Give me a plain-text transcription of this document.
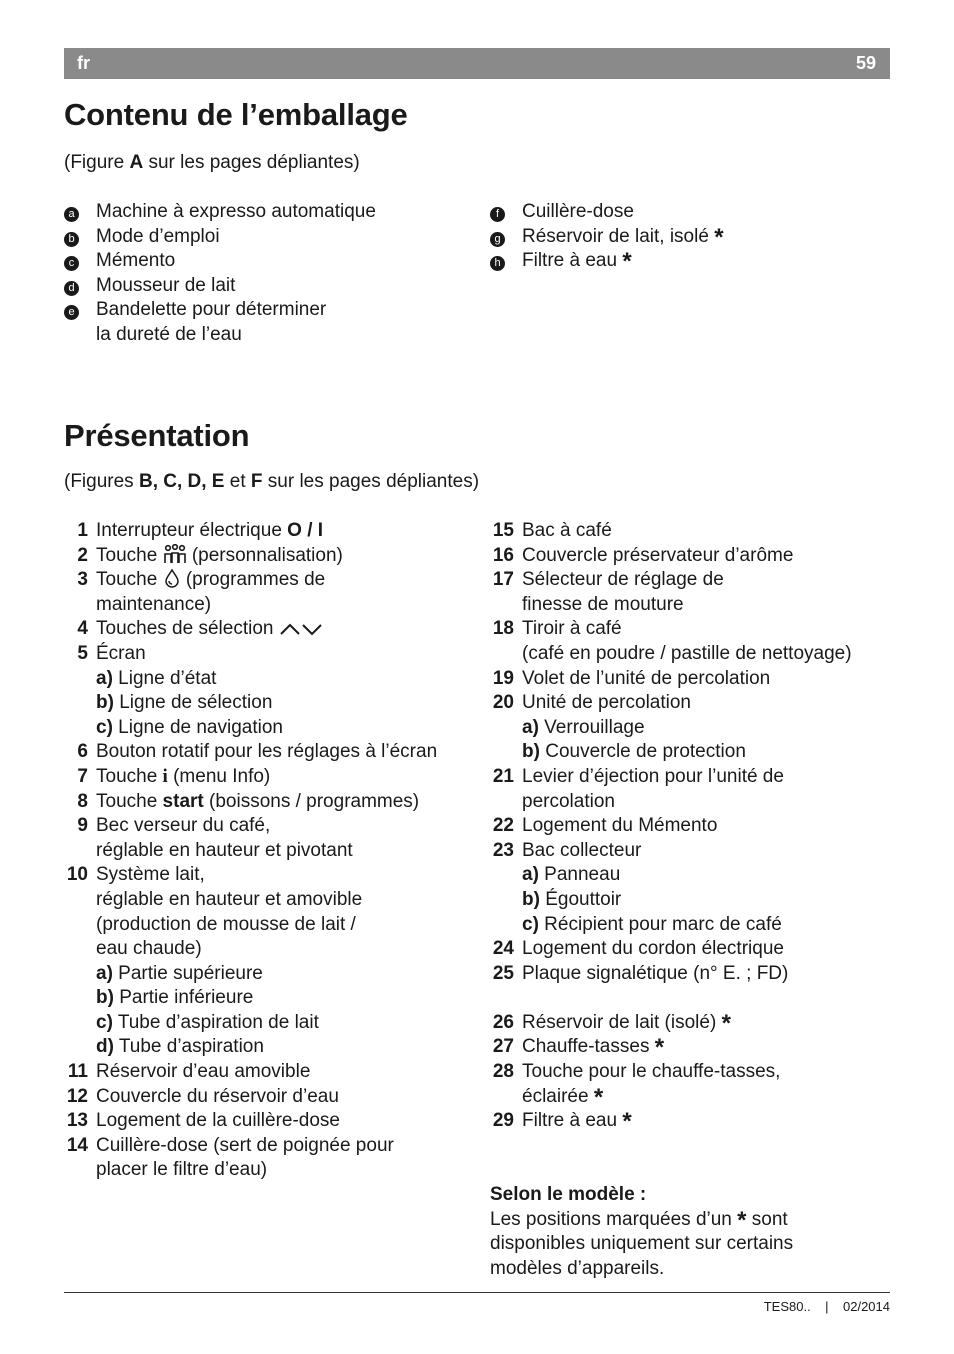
fr	59
Contenu de l’emballage
(Figure A sur les pages dépliantes)
a	Machine à expresso automatique
b	Mode d’emploi
c	Mémento
d	Mousseur de lait
e	Bandelette pour déterminer
la dureté de l’eau
f	Cuillère-dose
g	Réservoir de lait, isolé *
h	Filtre à eau *
Présentation
(Figures B, C, D, E et F sur les pages dépliantes)
1 Interrupteur électrique O / I
2 Touche  (personnalisation)
3 Touche  (programmes de
maintenance)
4 Touches de sélection
5 Écran
a) Ligne d’état
b) Ligne de sélection
c) Ligne de navigation
6 Bouton rotatif pour les réglages à l’écran
7 Touche i (menu Info)
8 Touche start (boissons / programmes)
9 Bec verseur du café,
réglable en hauteur et pivotant
10 Système lait,
réglable en hauteur et amovible
(production de mousse de lait /
eau chaude)
a) Partie supérieure
b) Partie inférieure
c) Tube d’aspiration de lait
d) Tube d’aspiration
11 Réservoir d’eau amovible
12 Couvercle du réservoir d’eau
13 Logement de la cuillère-dose
14 Cuillère-dose (sert de poignée pour
placer le filtre d’eau)
15 Bac à café
16 Couvercle préservateur d’arôme
17 Sélecteur de réglage de
finesse de mouture
18 Tiroir à café
(café en poudre / pastille de nettoyage)
19 Volet de l’unité de percolation
20 Unité de percolation
a) Verrouillage
b) Couvercle de protection
21 Levier d’éjection pour l’unité de
percolation
22 Logement du Mémento
23 Bac collecteur
a) Panneau
b) Égouttoir
c) Récipient pour marc de café
24 Logement du cordon électrique
25 Plaque signalétique (n° E. ; FD)
26 Réservoir de lait (isolé) *
27 Chauffe-tasses *
28 Touche pour le chauffe-tasses,
éclairée *
29 Filtre à eau *
Selon le modèle :
Les positions marquées d’un * sont
disponibles uniquement sur certains
modèles d’appareils.
TES80.. | 02/2014
